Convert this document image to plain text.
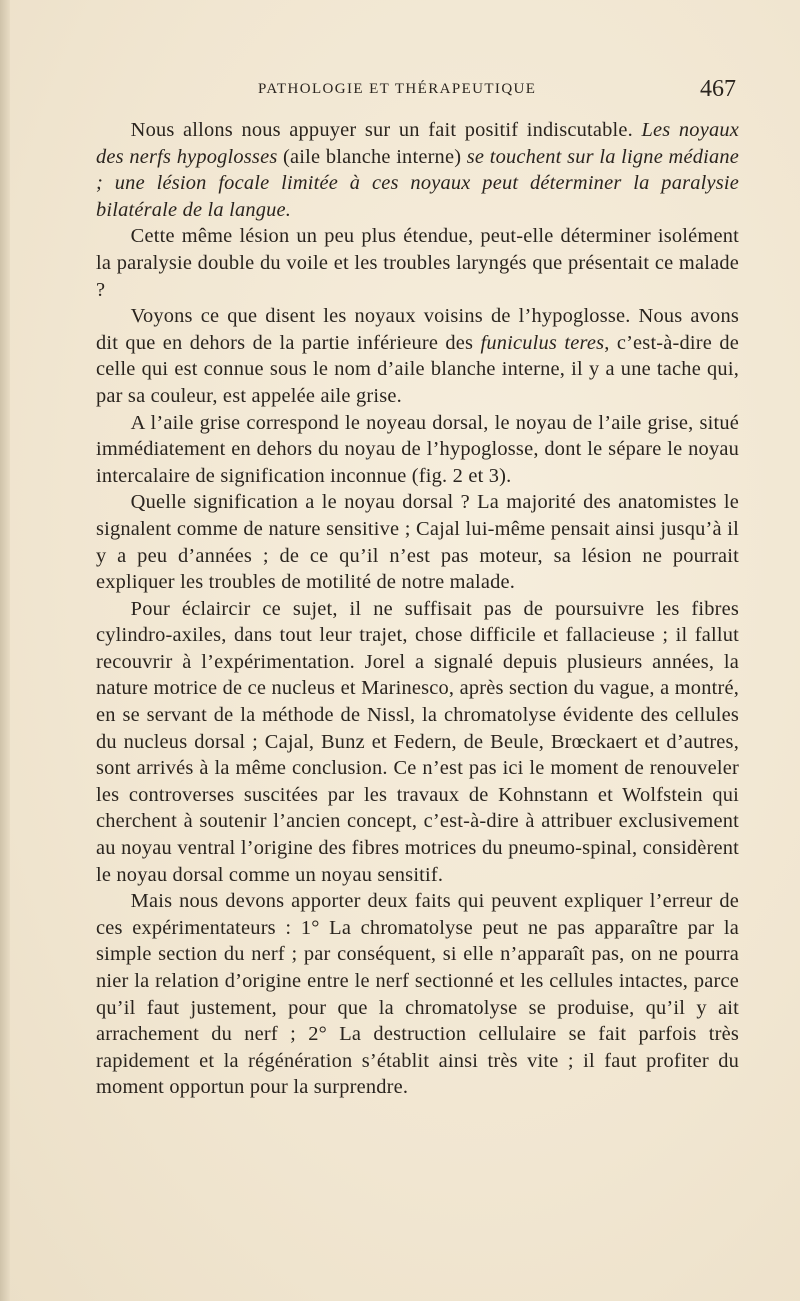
PATHOLOGIE ET THÉRAPEUTIQUE	467

Nous allons nous appuyer sur un fait positif indiscutable. Les noyaux des nerfs hypoglosses (aile blanche interne) se touchent sur la ligne médiane ; une lésion focale limitée à ces noyaux peut déterminer la paralysie bilatérale de la langue.

Cette même lésion un peu plus étendue, peut-elle déterminer isolément la paralysie double du voile et les troubles laryngés que présentait ce malade ?

Voyons ce que disent les noyaux voisins de l’hypoglosse. Nous avons dit que en dehors de la partie inférieure des funiculus teres, c’est-à-dire de celle qui est connue sous le nom d’aile blanche interne, il y a une tache qui, par sa couleur, est appelée aile grise.

A l’aile grise correspond le noyeau dorsal, le noyau de l’aile grise, situé immédiatement en dehors du noyau de l’hypoglosse, dont le sépare le noyau intercalaire de signification inconnue (fig. 2 et 3).

Quelle signification a le noyau dorsal ? La majorité des anatomistes le signalent comme de nature sensitive ; Cajal lui-même pensait ainsi jusqu’à il y a peu d’années ; de ce qu’il n’est pas moteur, sa lésion ne pourrait expliquer les troubles de motilité de notre malade.

Pour éclaircir ce sujet, il ne suffisait pas de poursuivre les fibres cylindro-axiles, dans tout leur trajet, chose difficile et fallacieuse ; il fallut recouvrir à l’expérimentation. Jorel a signalé depuis plusieurs années, la nature motrice de ce nucleus et Marinesco, après section du vague, a montré, en se servant de la méthode de Nissl, la chromatolyse évidente des cellules du nucleus dorsal ; Cajal, Bunz et Federn, de Beule, Brœckaert et d’autres, sont arrivés à la même conclusion. Ce n’est pas ici le moment de renouveler les controverses suscitées par les travaux de Kohnstann et Wolfstein qui cherchent à soutenir l’ancien concept, c’est-à-dire à attribuer exclusivement au noyau ventral l’origine des fibres motrices du pneumo-spinal, considèrent le noyau dorsal comme un noyau sensitif.

Mais nous devons apporter deux faits qui peuvent expliquer l’erreur de ces expérimentateurs : 1° La chromatolyse peut ne pas apparaître par la simple section du nerf ; par conséquent, si elle n’apparaît pas, on ne pourra nier la relation d’origine entre le nerf sectionné et les cellules intactes, parce qu’il faut justement, pour que la chromatolyse se produise, qu’il y ait arrachement du nerf ; 2° La destruction cellulaire se fait parfois très rapidement et la régénération s’établit ainsi très vite ; il faut profiter du moment opportun pour la surprendre.
